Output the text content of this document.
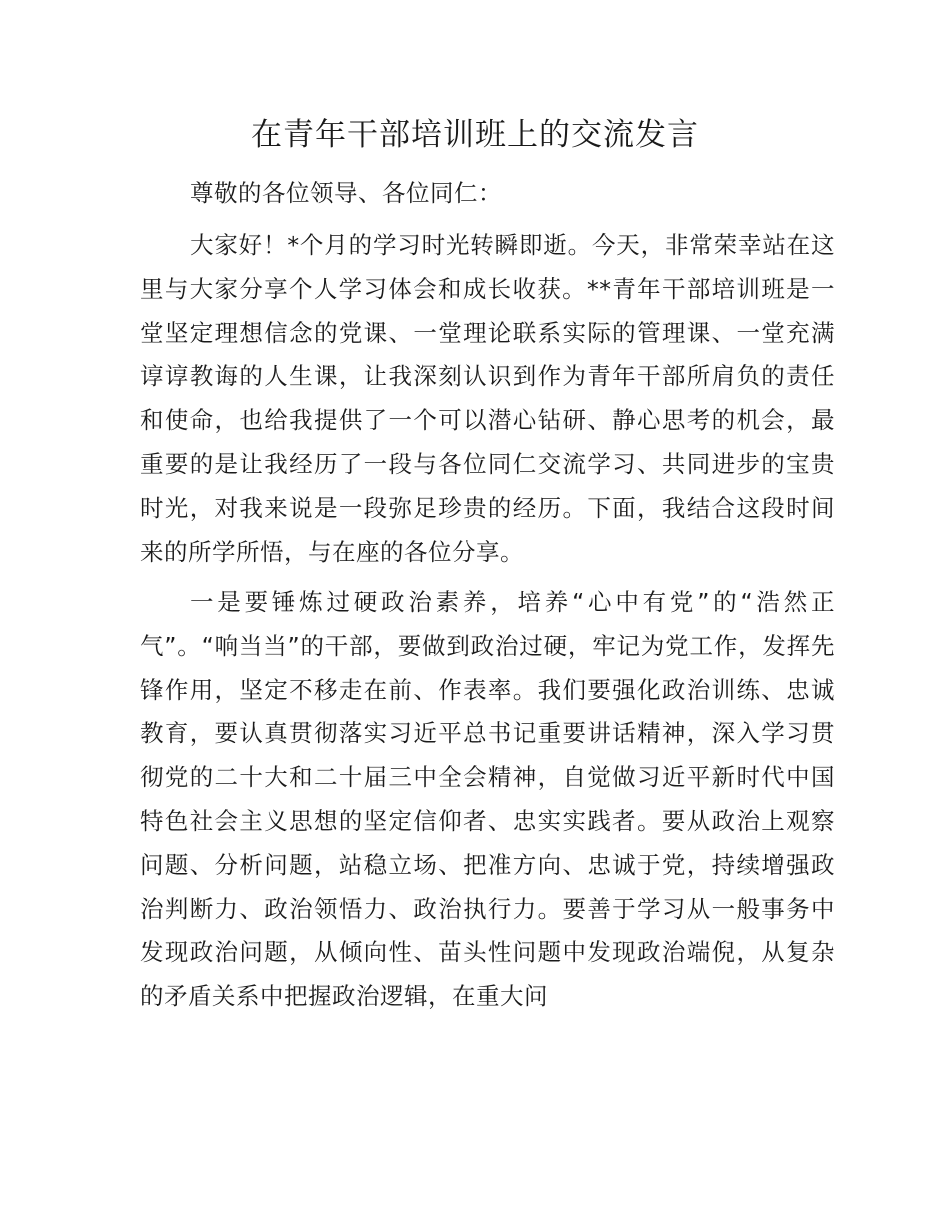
在青年干部培训班上的交流发言

尊敬的各位领导、各位同仁：

大家好！*个月的学习时光转瞬即逝。今天，非常荣幸站在这里与大家分享个人学习体会和成长收获。**青年干部培训班是一堂坚定理想信念的党课、一堂理论联系实际的管理课、一堂充满谆谆教诲的人生课，让我深刻认识到作为青年干部所肩负的责任和使命，也给我提供了一个可以潜心钻研、静心思考的机会，最重要的是让我经历了一段与各位同仁交流学习、共同进步的宝贵时光，对我来说是一段弥足珍贵的经历。下面，我结合这段时间来的所学所悟，与在座的各位分享。

一是要锤炼过硬政治素养，培养“心中有党”的“浩然正气”。“响当当”的干部，要做到政治过硬，牢记为党工作，发挥先锋作用，坚定不移走在前、作表率。我们要强化政治训练、忠诚教育，要认真贯彻落实习近平总书记重要讲话精神，深入学习贯彻党的二十大和二十届三中全会精神，自觉做习近平新时代中国特色社会主义思想的坚定信仰者、忠实实践者。要从政治上观察问题、分析问题，站稳立场、把准方向、忠诚于党，持续增强政治判断力、政治领悟力、政治执行力。要善于学习从一般事务中发现政治问题，从倾向性、苗头性问题中发现政治端倪，从复杂的矛盾关系中把握政治逻辑，在重大问
